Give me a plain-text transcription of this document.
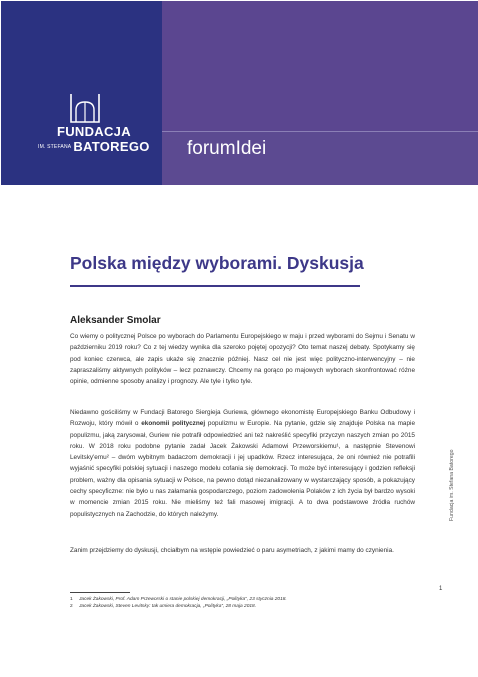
FUNDACJA
IM. STEFANA BATOREGO	forumIdei
Polska między wyborami. Dyskusja
Aleksander Smolar

Co wiemy o politycznej Polsce po wyborach do Parlamentu Europejskiego w maju i przed wyborami do Sejmu i Senatu w październiku 2019 roku? Co z tej wiedzy wynika dla szeroko pojętej opozycji? Oto temat naszej debaty. Spotykamy się pod koniec czerwca, ale zapis ukaże się znacznie później. Nasz cel nie jest więc polityczno-interwencyjny – nie zapraszaliśmy aktywnych polityków – lecz poznawczy. Chcemy na gorąco po majowych wyborach skonfrontować różne opinie, odmienne sposoby analizy i prognozy. Ale tyle i tylko tyle.

Niedawno gościliśmy w Fundacji Batorego Siergieja Guriewa, głównego ekonomistę Europejskiego Banku Odbudowy i Rozwoju, który mówił o ekonomii politycznej populizmu w Europie. Na pytanie, gdzie się znajduje Polska na mapie populizmu, jaką zarysował, Guriew nie potrafił odpowiedzieć ani też nakreślić specyfiki przyczyn naszych zmian po 2015 roku. W 2018 roku podobne pytanie zadał Jacek Żakowski Adamowi Przeworskiemu¹, a następnie Stevenowi Levitsky'emu² – dwóm wybitnym badaczom demokracji i jej upadków. Rzecz interesująca, że oni również nie potrafili wyjaśnić specyfiki polskiej sytuacji i naszego modelu cofania się demokracji. To może być interesujący i godzien refleksji problem, ważny dla opisania sytuacji w Polsce, na pewno dotąd niezanalizowany w wystarczający sposób, a pokazujący cechy specyficzne: nie było u nas załamania gospodarczego, poziom zadowolenia Polaków z ich życia był bardzo wysoki w momencie zmian 2015 roku. Nie mieliśmy też fali masowej imigracji. A to dwa podstawowe źródła ruchów populistycznych na Zachodzie, do których należymy.

Zanim przejdziemy do dyskusji, chciałbym na wstępie powiedzieć o paru asymetriach, z jakimi mamy do czynienia.

1 Jacek Żakowski, Prof. Adam Przeworski o stanie polskiej demokracji, „Polityka”, 23 stycznia 2018.
2 Jacek Żakowski, Steven Levitsky: tak umiera demokracja, „Polityka”, 28 maja 2018.
Fundacja im. Stefana Batorego
1
